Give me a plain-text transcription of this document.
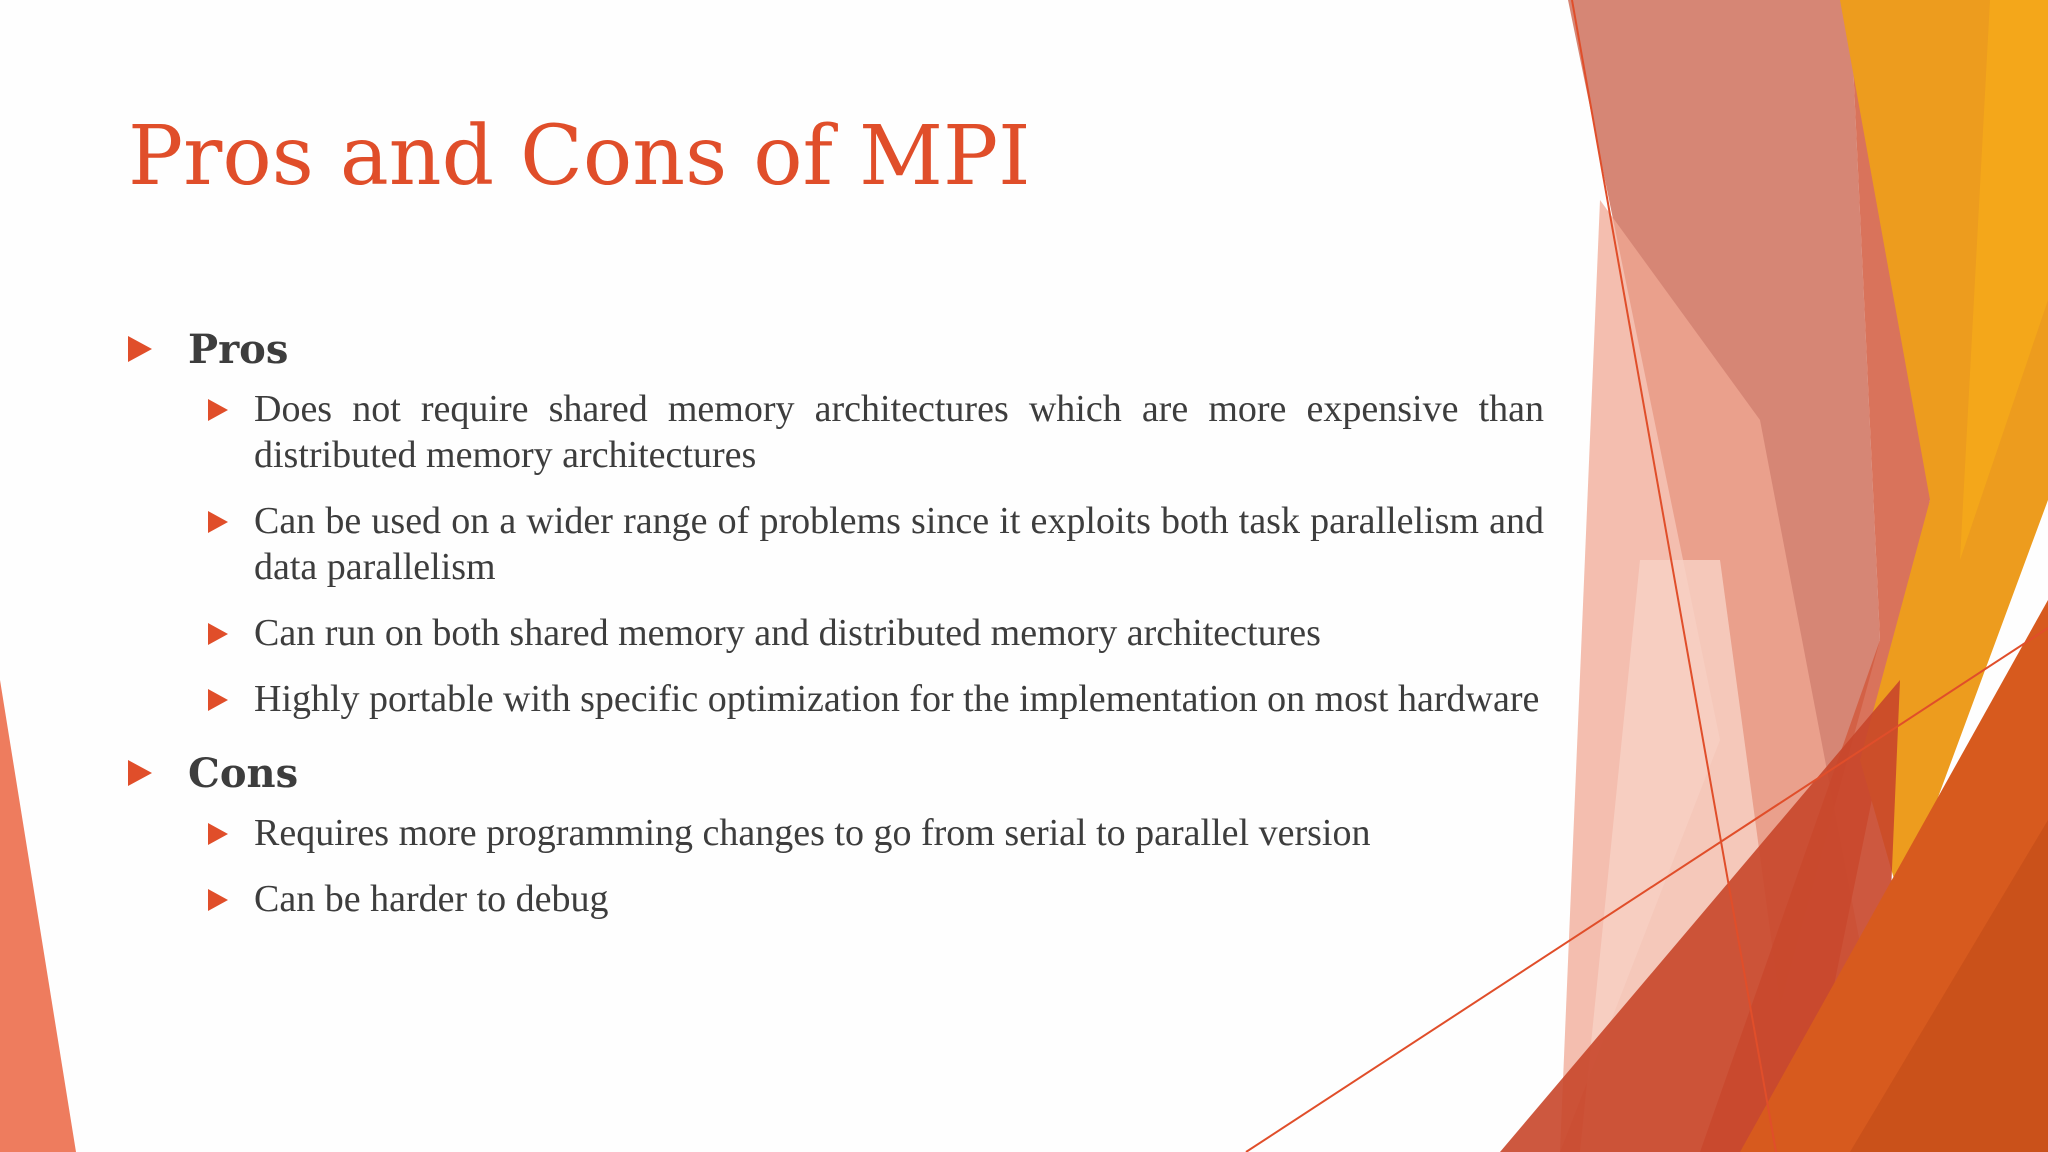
Pros and Cons of MPI
Pros
Does not require shared memory architectures which are more expensive than distributed memory architectures
Can be used on a wider range of problems since it exploits both task parallelism and data parallelism
Can run on both shared memory and distributed memory architectures
Highly portable with specific optimization for the implementation on most hardware
Cons
Requires more programming changes to go from serial to parallel version
Can be harder to debug
